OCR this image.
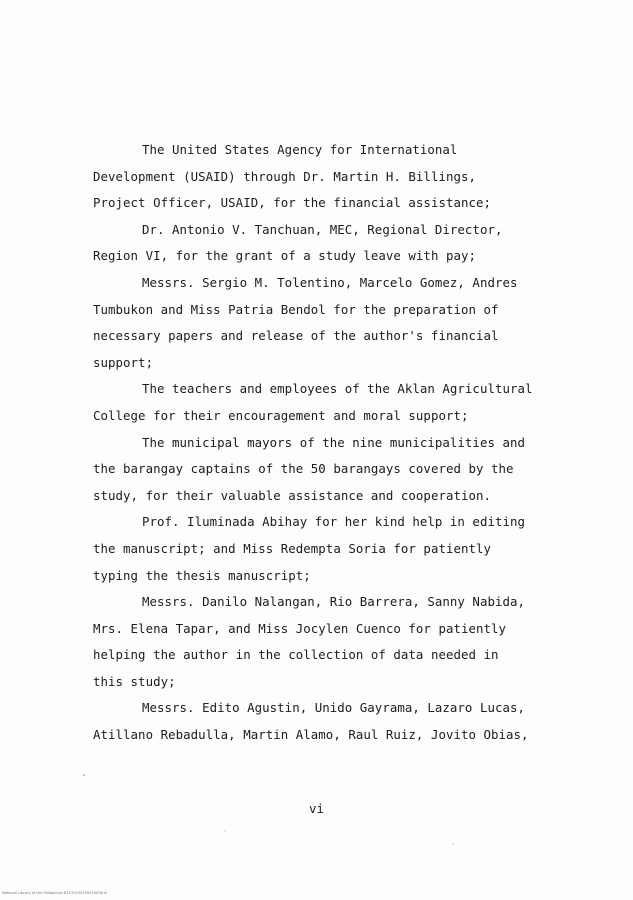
The United States Agency for International
Development (USAID) through Dr. Martin H. Billings,
Project Officer, USAID, for the financial assistance;
Dr. Antonio V. Tanchuan, MEC, Regional Director,
Region VI, for the grant of a study leave with pay;
Messrs. Sergio M. Tolentino, Marcelo Gomez, Andres
Tumbukon and Miss Patria Bendol for the preparation of
necessary papers and release of the author's financial
support;
The teachers and employees of the Aklan Agricultural
College for their encouragement and moral support;
The municipal mayors of the nine municipalities and
the barangay captains of the 50 barangays covered by the
study, for their valuable assistance and cooperation.
Prof. Iluminada Abihay for her kind help in editing
the manuscript; and Miss Redempta Soria for patiently
typing the thesis manuscript;
Messrs. Danilo Nalangan, Rio Barrera, Sanny Nabida,
Mrs. Elena Tapar, and Miss Jocylen Cuenco for patiently
helping the author in the collection of data needed in
this study;
Messrs. Edito Agustin, Unido Gayrama, Lazaro Lucas,
Atillano Rebadulla, Martin Alamo, Raul Ruiz, Jovito Obias,
vi
National Library of the Philippines B1070530199010096 iii
